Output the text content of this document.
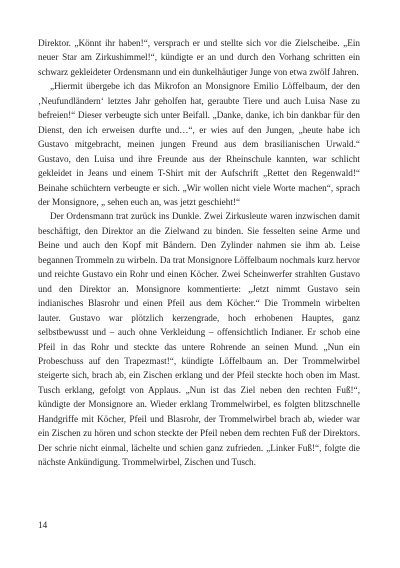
Direktor. „Könnt ihr haben!“, versprach er und stellte sich vor die Zielscheibe. „Ein neuer Star am Zirkushimmel!“, kündigte er an und durch den Vorhang schritten ein schwarz gekleideter Ordensmann und ein dunkelhäutiger Junge von etwa zwölf Jahren.

„Hiermit übergebe ich das Mikrofon an Monsignore Emilio Löffelbaum, der den ‚Neufundländern‘ letztes Jahr geholfen hat, geraubte Tiere und auch Luisa Nase zu befreien!“ Dieser verbeugte sich unter Beifall. „Danke, danke, ich bin dankbar für den Dienst, den ich erweisen durfte und…“, er wies auf den Jungen, „heute habe ich Gustavo mitgebracht, meinen jungen Freund aus dem brasilianischen Urwald.“ Gustavo, den Luisa und ihre Freunde aus der Rheinschule kannten, war schlicht gekleidet in Jeans und einem T-Shirt mit der Aufschrift „Rettet den Regenwald!“ Beinahe schüchtern verbeugte er sich. „Wir wollen nicht viele Worte machen“, sprach der Monsignore, „ sehen euch an, was jetzt geschieht!“

Der Ordensmann trat zurück ins Dunkle. Zwei Zirkusleute waren inzwischen damit beschäftigt, den Direktor an die Zielwand zu binden. Sie fesselten seine Arme und Beine und auch den Kopf mit Bändern. Den Zylinder nahmen sie ihm ab. Leise begannen Trommeln zu wirbeln. Da trat Monsignore Löffelbaum nochmals kurz hervor und reichte Gustavo ein Rohr und einen Köcher. Zwei Scheinwerfer strahlten Gustavo und den Direktor an. Monsignore kommentierte: „Jetzt nimmt Gustavo sein indianisches Blasrohr und einen Pfeil aus dem Köcher.“ Die Trommeln wirbelten lauter. Gustavo war plötzlich kerzengrade, hoch erhobenen Hauptes, ganz selbstbewusst und – auch ohne Verkleidung – offensichtlich Indianer. Er schob eine Pfeil in das Rohr und steckte das untere Rohrende an seinen Mund. „Nun ein Probeschuss auf den Trapezmast!“, kündigte Löffelbaum an. Der Trommelwirbel steigerte sich, brach ab, ein Zischen erklang und der Pfeil steckte hoch oben im Mast. Tusch erklang, gefolgt von Applaus. „Nun ist das Ziel neben den rechten Fuß!“, kündigte der Monsignore an. Wieder erklang Trommelwirbel, es folgten blitzschnelle Handgriffe mit Köcher, Pfeil und Blasrohr, der Trommelwirbel brach ab, wieder war ein Zischen zu hören und schon steckte der Pfeil neben dem rechten Fuß der Direktors. Der schrie nicht einmal, lächelte und schien ganz zufrieden. „Linker Fuß!“, folgte die nächste Ankündigung. Trommelwirbel, Zischen und Tusch.

14
